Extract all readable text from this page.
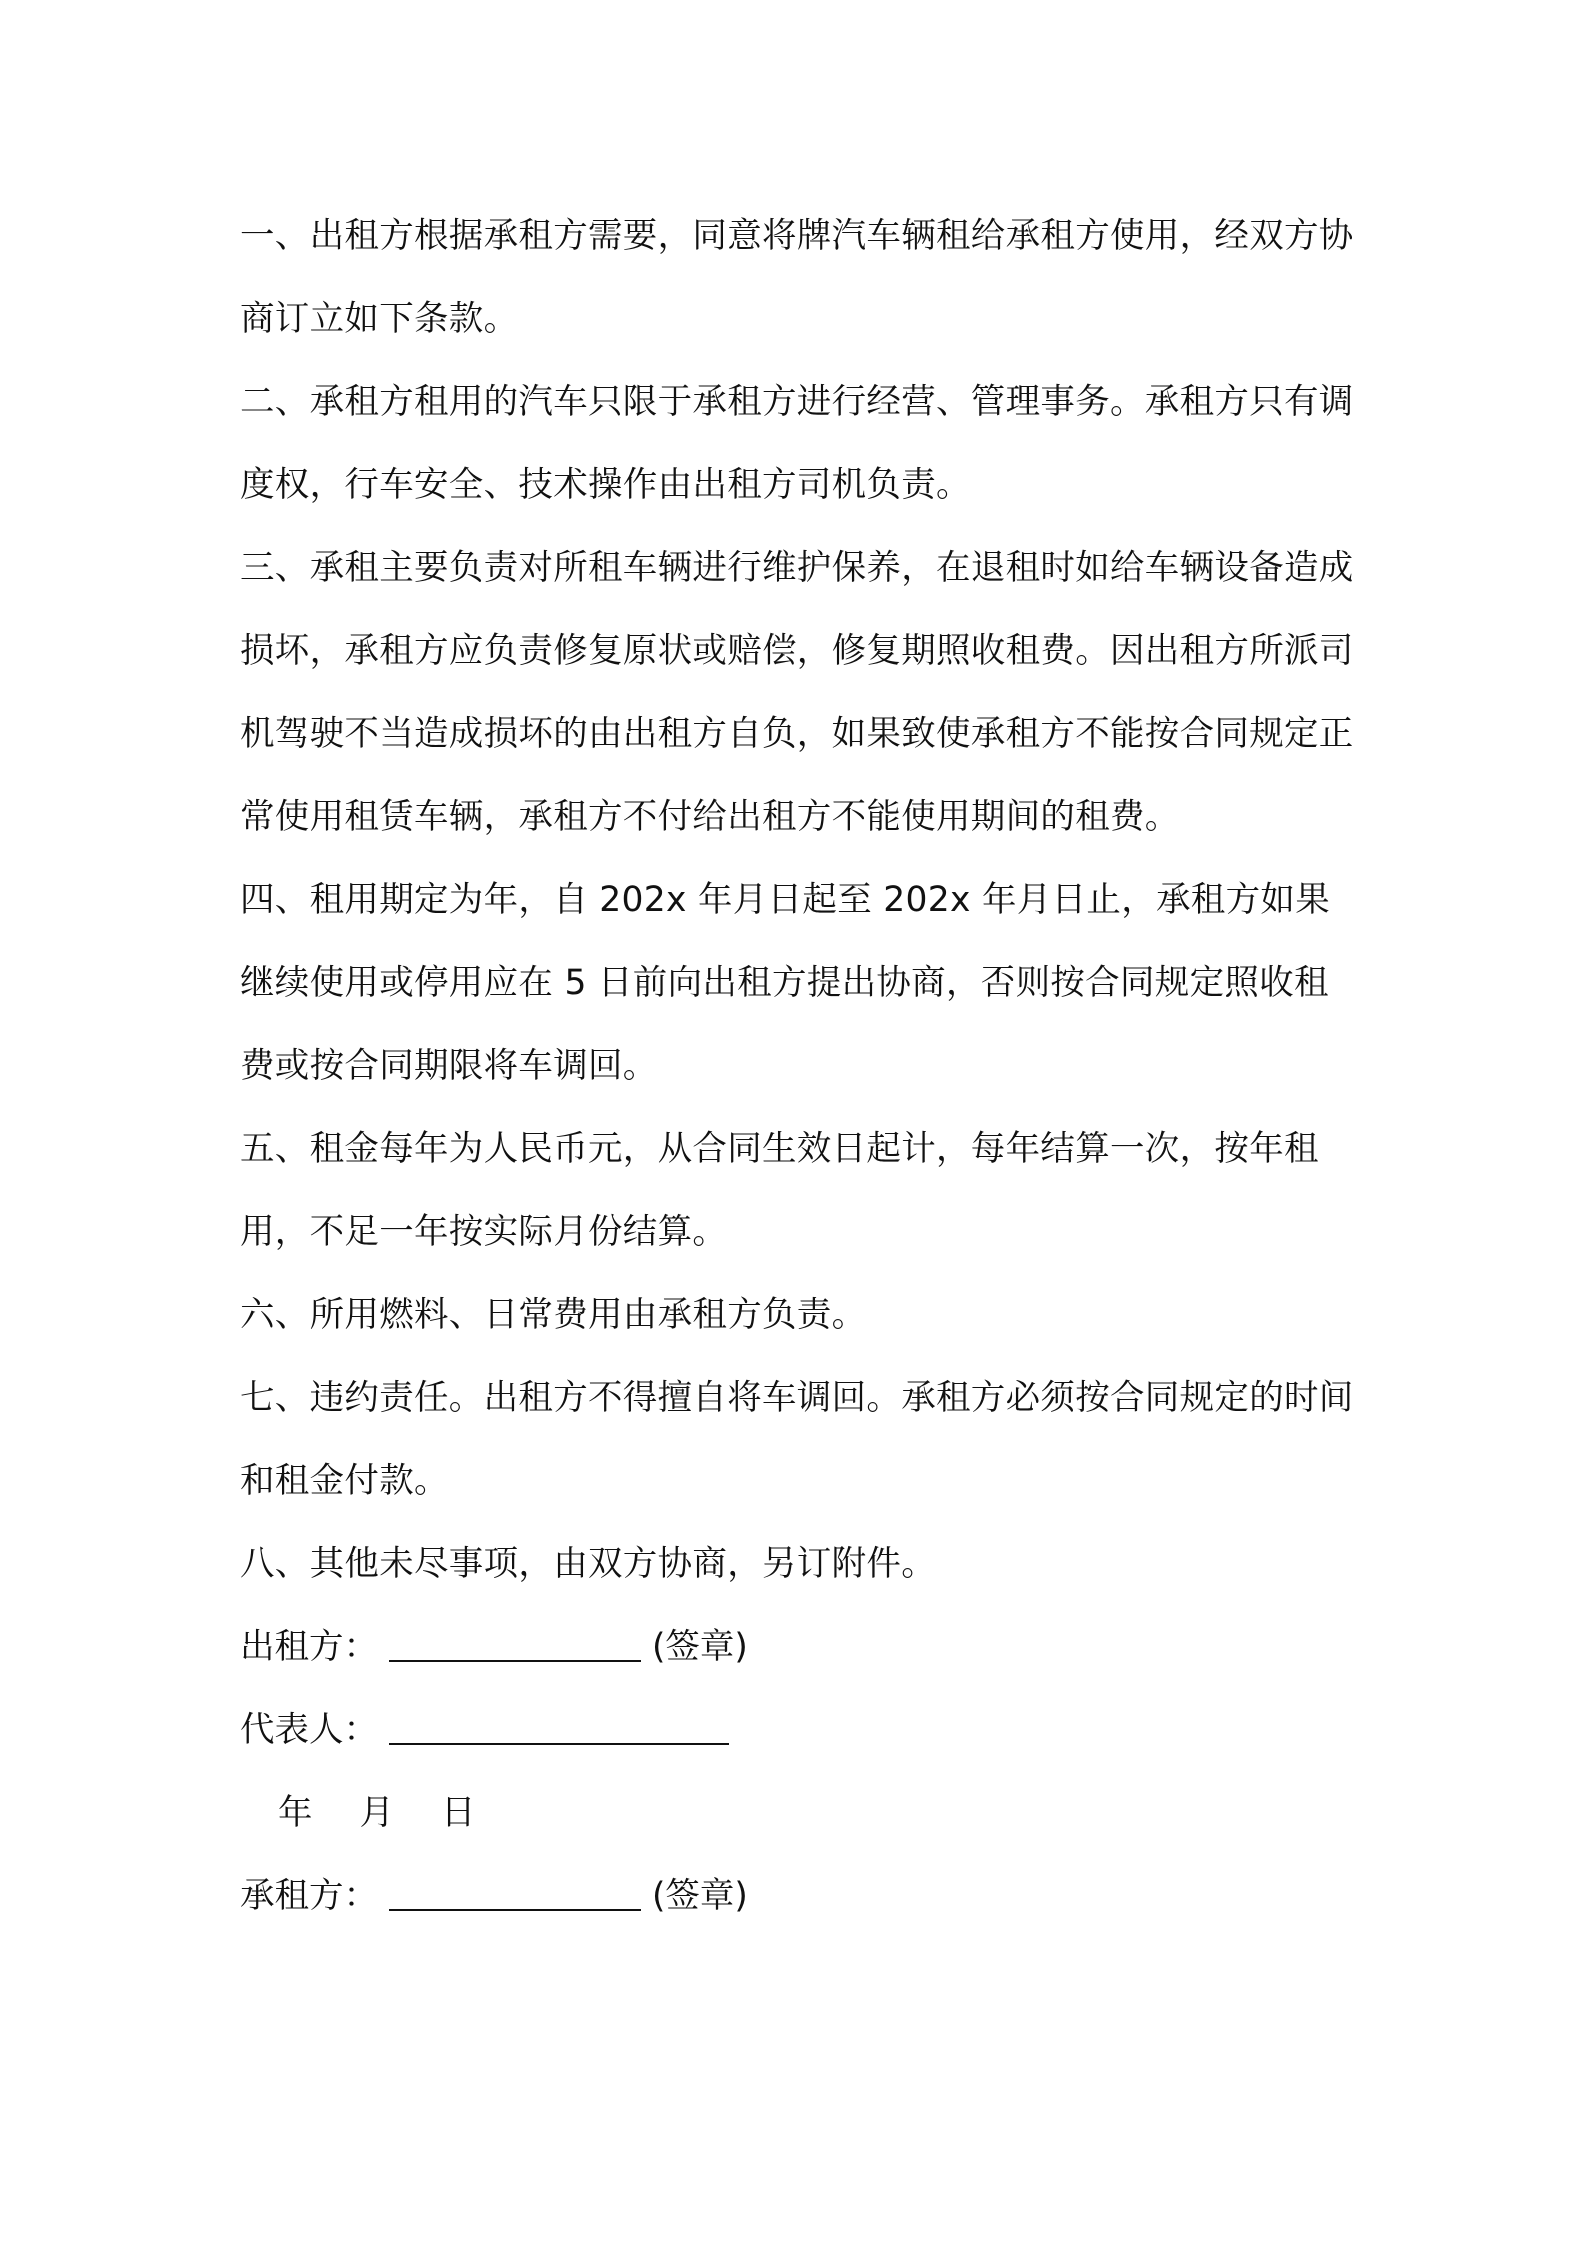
一、出租方根据承租方需要，同意将牌汽车辆租给承租方使用，经双方协商订立如下条款。

二、承租方租用的汽车只限于承租方进行经营、管理事务。承租方只有调度权，行车安全、技术操作由出租方司机负责。

三、承租主要负责对所租车辆进行维护保养，在退租时如给车辆设备造成损坏，承租方应负责修复原状或赔偿，修复期照收租费。因出租方所派司机驾驶不当造成损坏的由出租方自负，如果致使承租方不能按合同规定正常使用租赁车辆，承租方不付给出租方不能使用期间的租费。

四、租用期定为年，自 202x 年月日起至 202x 年月日止，承租方如果继续使用或停用应在 5 日前向出租方提出协商，否则按合同规定照收租费或按合同期限将车调回。

五、租金每年为人民币元，从合同生效日起计，每年结算一次，按年租用，不足一年按实际月份结算。

六、所用燃料、日常费用由承租方负责。

七、违约责任。出租方不得擅自将车调回。承租方必须按合同规定的时间和租金付款。

八、其他未尽事项，由双方协商，另订附件。

出租方：	(签章)

代表人：

年 月 日

承租方：	(签章)
